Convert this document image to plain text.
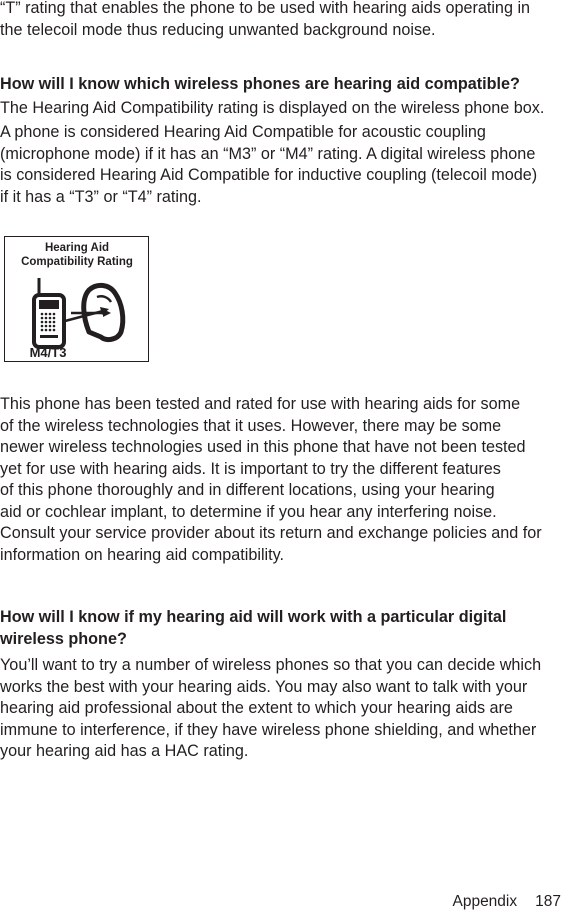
“T” rating that enables the phone to be used with hearing aids operating in

the telecoil mode thus reducing unwanted background noise.

How will I know which wireless phones are hearing aid compatible?

The Hearing Aid Compatibility rating is displayed on the wireless phone box.

A phone is considered Hearing Aid Compatible for acoustic coupling

(microphone mode) if it has an “M3” or “M4” rating. A digital wireless phone

is considered Hearing Aid Compatible for inductive coupling (telecoil mode)

if it has a “T3” or “T4” rating.

Hearing Aid
Compatibility Rating
M4/T3

This phone has been tested and rated for use with hearing aids for some

of the wireless technologies that it uses. However, there may be some

newer wireless technologies used in this phone that have not been tested

yet for use with hearing aids. It is important to try the different features

of this phone thoroughly and in different locations, using your hearing

aid or cochlear implant, to determine if you hear any interfering noise.

Consult your service provider about its return and exchange policies and for

information on hearing aid compatibility.

How will I know if my hearing aid will work with a particular digital
wireless phone?

You’ll want to try a number of wireless phones so that you can decide which

works the best with your hearing aids. You may also want to talk with your

hearing aid professional about the extent to which your hearing aids are

immune to interference, if they have wireless phone shielding, and whether

your hearing aid has a HAC rating.

Appendix 187
